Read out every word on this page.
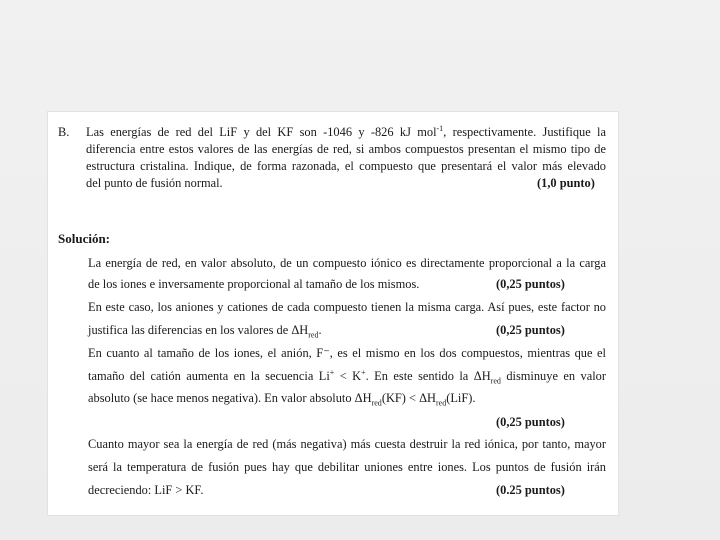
B. Las energías de red del LiF y del KF son -1046 y -826 kJ mol$^{-1}$, respectivamente. Justifique la
diferencia entre estos valores de las energías de red, si ambos compuestos presentan el mismo tipo de
estructura cristalina. Indique, de forma razonada, el compuesto que presentará el valor más elevado
del punto de fusión normal.	(1,0 punto)
Solución:
La energía de red, en valor absoluto, de un compuesto iónico es directamente proporcional a la carga
de los iones e inversamente proporcional al tamaño de los mismos.	(0,25 puntos)
En este caso, los aniones y cationes de cada compuesto tienen la misma carga. Así pues, este factor no
justifica las diferencias en los valores de $\Delta H_{red}$.	(0,25 puntos)
En cuanto al tamaño de los iones, el anión, F⁻, es el mismo en los dos compuestos, mientras que el
tamaño del catión aumenta en la secuencia Li+ < K+. En este sentido la $\Delta H_{red}$ disminuye en valor
absoluto (se hace menos negativa). En valor absoluto $\Delta H_{red}(KF) < \Delta H_{red}(LiF)$.
(0,25 puntos)
Cuanto mayor sea la energía de red (más negativa) más cuesta destruir la red iónica, por tanto, mayor
será la temperatura de fusión pues hay que debilitar uniones entre iones. Los puntos de fusión irán
decreciendo: LiF > KF.	(0.25 puntos)
